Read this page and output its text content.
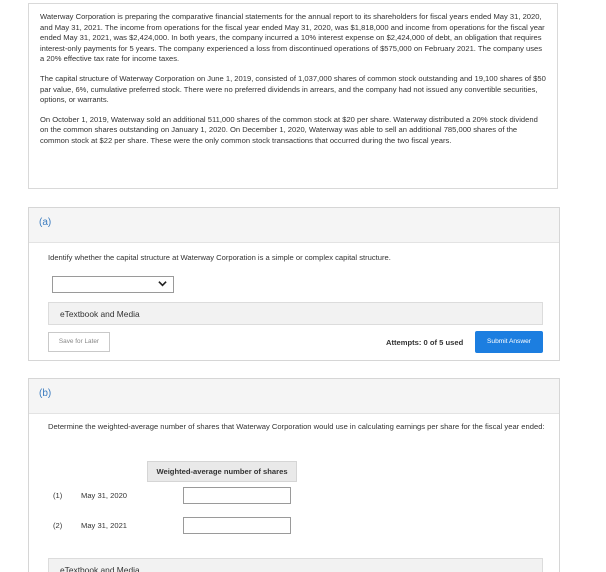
Waterway Corporation is preparing the comparative financial statements for the annual report to its shareholders for fiscal years ended May 31, 2020, and May 31, 2021. The income from operations for the fiscal year ended May 31, 2020, was $1,818,000 and income from operations for the fiscal year ended May 31, 2021, was $2,424,000. In both years, the company incurred a 10% interest expense on $2,424,000 of debt, an obligation that requires interest-only payments for 5 years. The company experienced a loss from discontinued operations of $575,000 on February 2021. The company uses a 20% effective tax rate for income taxes.

The capital structure of Waterway Corporation on June 1, 2019, consisted of 1,037,000 shares of common stock outstanding and 19,100 shares of $50 par value, 6%, cumulative preferred stock. There were no preferred dividends in arrears, and the company had not issued any convertible securities, options, or warrants.

On October 1, 2019, Waterway sold an additional 511,000 shares of the common stock at $20 per share. Waterway distributed a 20% stock dividend on the common shares outstanding on January 1, 2020. On December 1, 2020, Waterway was able to sell an additional 785,000 shares of the common stock at $22 per share. These were the only common stock transactions that occurred during the two fiscal years.

(a)
Identify whether the capital structure at Waterway Corporation is a simple or complex capital structure.
eTextbook and Media
Save for Later	Attempts: 0 of 5 used	Submit Answer
(b)
Determine the weighted-average number of shares that Waterway Corporation would use in calculating earnings per share for the fiscal year ended:
Weighted-average number of shares
(1) May 31, 2020
(2) May 31, 2021
eTextbook and Media
